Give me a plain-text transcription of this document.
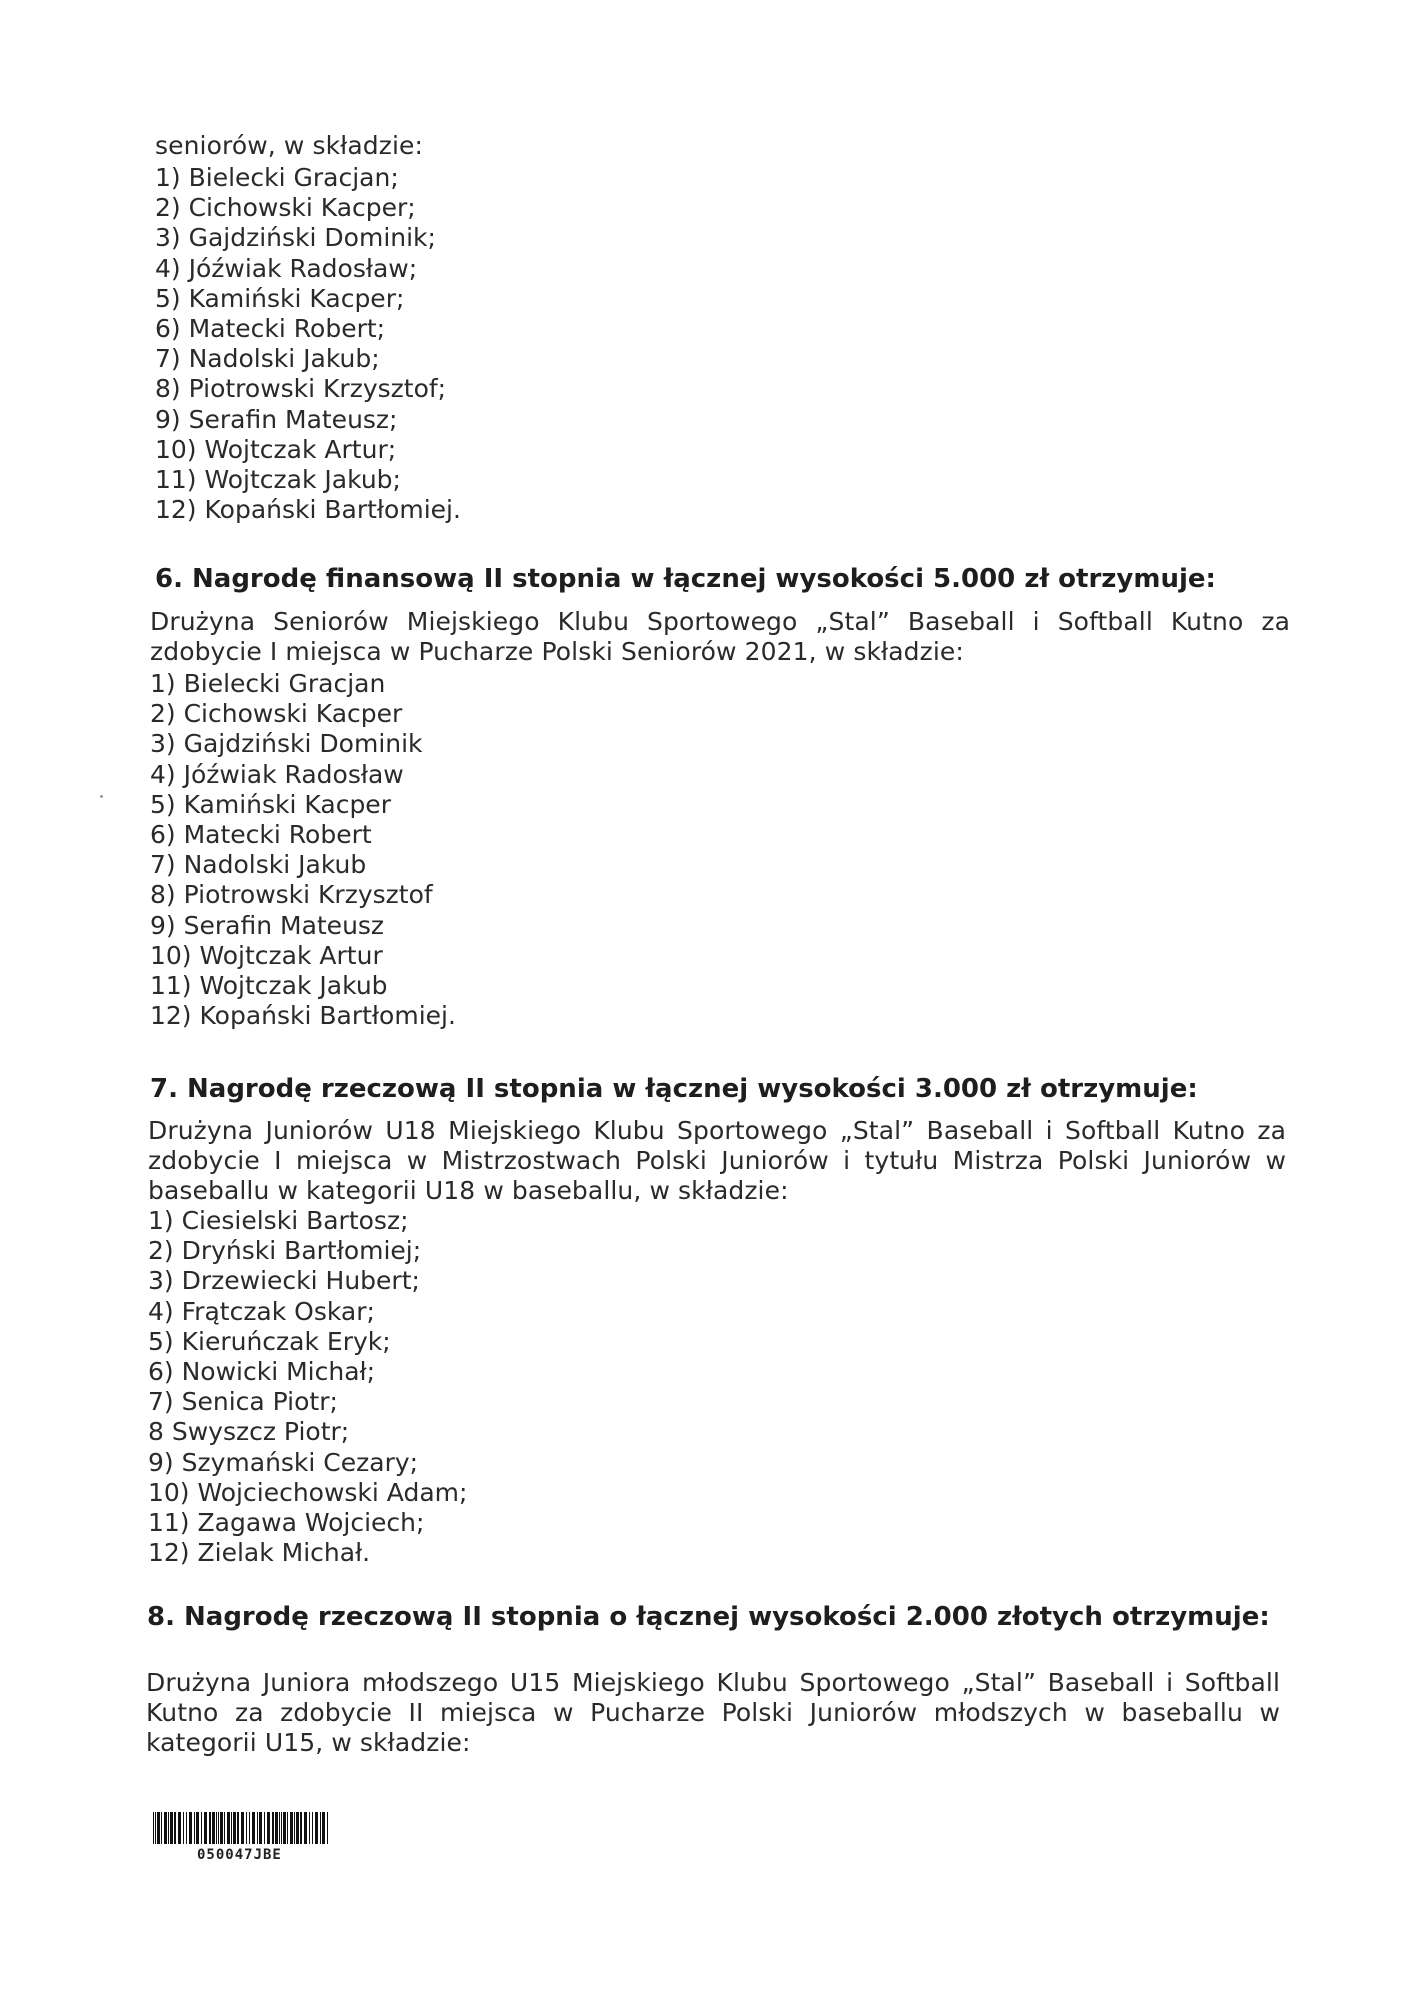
seniorów, w składzie:
1) Bielecki Gracjan;
2) Cichowski Kacper;
3) Gajdziński Dominik;
4) Jóźwiak Radosław;
5) Kamiński Kacper;
6) Matecki Robert;
7) Nadolski Jakub;
8) Piotrowski Krzysztof;
9) Serafin Mateusz;
10) Wojtczak Artur;
11) Wojtczak Jakub;
12) Kopański Bartłomiej.
6. Nagrodę finansową II stopnia w łącznej wysokości 5.000 zł otrzymuje:
Drużyna Seniorów Miejskiego Klubu Sportowego „Stal” Baseball i Softball Kutno za zdobycie I miejsca w Pucharze Polski Seniorów 2021, w składzie:
1) Bielecki Gracjan
2) Cichowski Kacper
3) Gajdziński Dominik
4) Jóźwiak Radosław
5) Kamiński Kacper
6) Matecki Robert
7) Nadolski Jakub
8) Piotrowski Krzysztof
9) Serafin Mateusz
10) Wojtczak Artur
11) Wojtczak Jakub
12) Kopański Bartłomiej.
7. Nagrodę rzeczową II stopnia w łącznej wysokości 3.000 zł otrzymuje:
Drużyna Juniorów U18 Miejskiego Klubu Sportowego „Stal” Baseball i Softball Kutno za zdobycie I miejsca w Mistrzostwach Polski Juniorów i tytułu Mistrza Polski Juniorów w baseballu w kategorii U18 w baseballu, w składzie:
1) Ciesielski Bartosz;
2) Dryński Bartłomiej;
3) Drzewiecki Hubert;
4) Frątczak Oskar;
5) Kieruńczak Eryk;
6) Nowicki Michał;
7) Senica Piotr;
8 Swyszcz Piotr;
9) Szymański Cezary;
10) Wojciechowski Adam;
11) Zagawa Wojciech;
12) Zielak Michał.
8. Nagrodę rzeczową II stopnia o łącznej wysokości 2.000 złotych otrzymuje:
Drużyna Juniora młodszego U15 Miejskiego Klubu Sportowego „Stal” Baseball i Softball Kutno za zdobycie II miejsca w Pucharze Polski Juniorów młodszych w baseballu w kategorii U15, w składzie:
050047JBE
